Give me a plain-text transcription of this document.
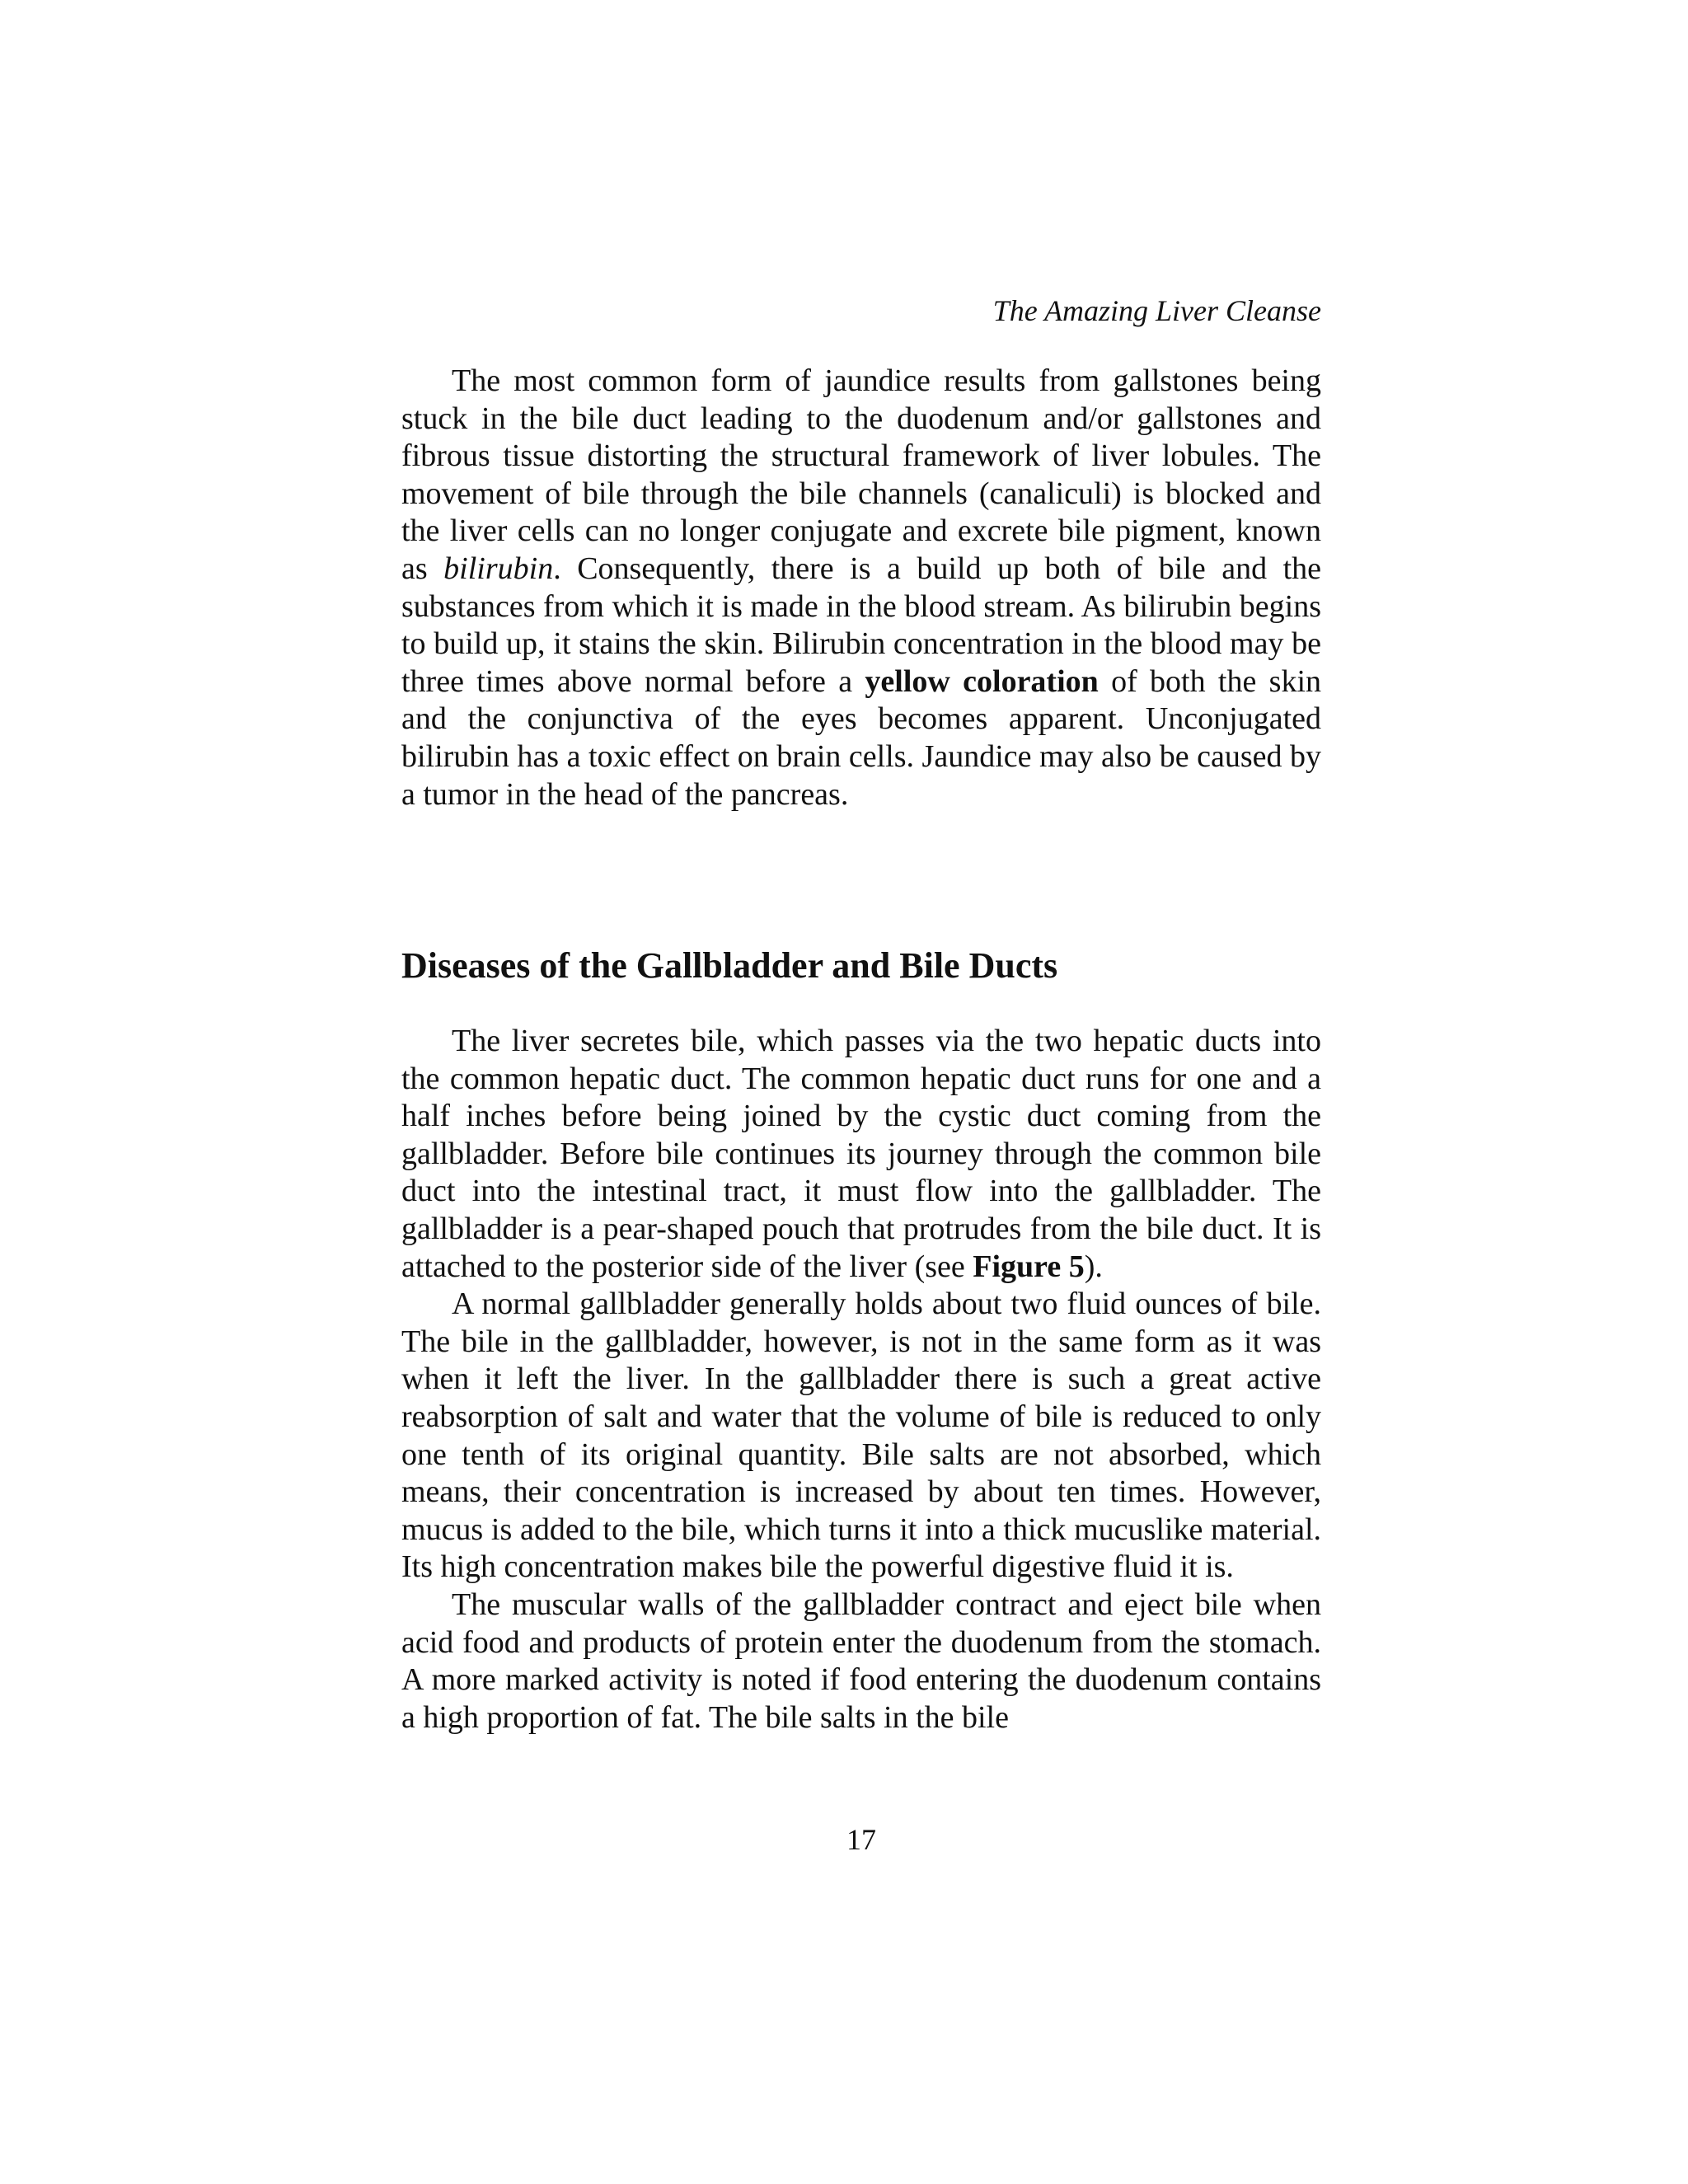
The Amazing Liver Cleanse

The most common form of jaundice results from gallstones being stuck in the bile duct leading to the duodenum and/or gallstones and fibrous tissue distorting the structural framework of liver lobules. The movement of bile through the bile channels (canaliculi) is blocked and the liver cells can no longer conjugate and excrete bile pigment, known as bilirubin. Consequently, there is a build up both of bile and the substances from which it is made in the blood stream. As bilirubin begins to build up, it stains the skin. Bilirubin concentration in the blood may be three times above normal before a yellow coloration of both the skin and the conjunctiva of the eyes becomes apparent. Unconjugated bilirubin has a toxic effect on brain cells. Jaundice may also be caused by a tumor in the head of the pancreas.

Diseases of the Gallbladder and Bile Ducts

The liver secretes bile, which passes via the two hepatic ducts into the common hepatic duct. The common hepatic duct runs for one and a half inches before being joined by the cystic duct coming from the gallbladder. Before bile continues its journey through the common bile duct into the intestinal tract, it must flow into the gallbladder. The gallbladder is a pear-shaped pouch that protrudes from the bile duct. It is attached to the posterior side of the liver (see Figure 5).

A normal gallbladder generally holds about two fluid ounces of bile. The bile in the gallbladder, however, is not in the same form as it was when it left the liver. In the gallbladder there is such a great active reabsorption of salt and water that the volume of bile is reduced to only one tenth of its original quantity. Bile salts are not absorbed, which means, their concentration is increased by about ten times. However, mucus is added to the bile, which turns it into a thick mucuslike material. Its high concentration makes bile the powerful digestive fluid it is.

The muscular walls of the gallbladder contract and eject bile when acid food and products of protein enter the duodenum from the stomach. A more marked activity is noted if food entering the duodenum contains a high proportion of fat. The bile salts in the bile

17
